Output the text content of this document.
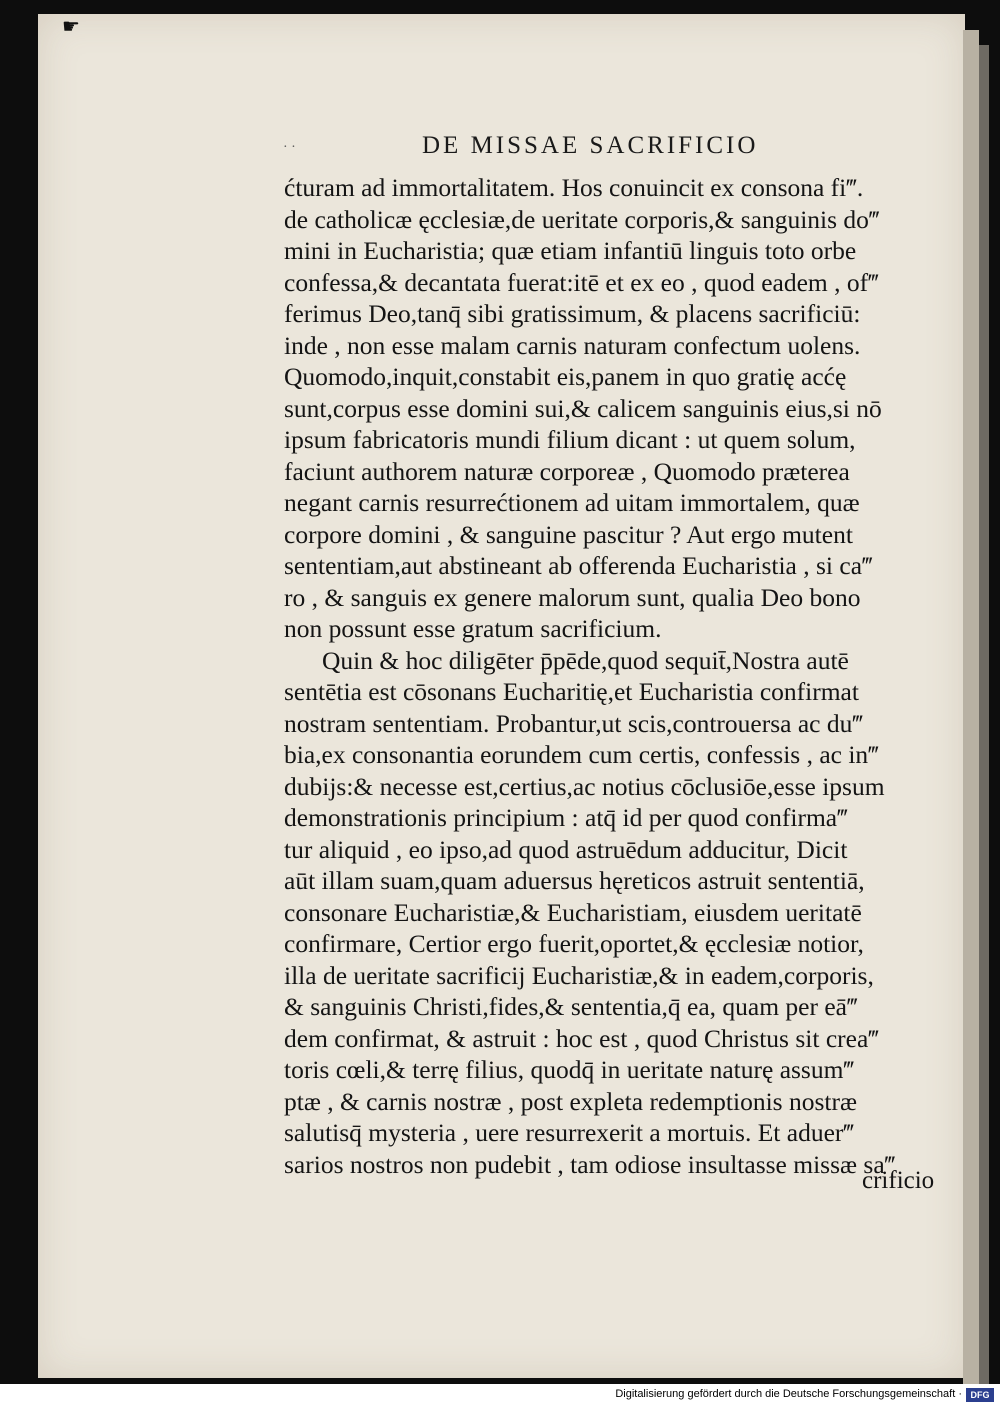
☛
· ·	DE MISSAE SACRIFICIO
ćturam ad immortalitatem. Hos conuincit ex consona fi‴.
de catholicæ ęcclesiæ,de ueritate corporis,& sanguinis do‴
mini in Eucharistia; quæ etiam infantiū linguis toto orbe
confessa,& decantata fuerat:itē et ex eo , quod eadem , of‴
ferimus Deo,tanq̄ sibi gratissimum, & placens sacrificiū:
inde , non esse malam carnis naturam confectum uolens.
Quomodo,inquit,constabit eis,panem in quo gratię acćę
sunt,corpus esse domini sui,& calicem sanguinis eius,si nō
ipsum fabricatoris mundi filium dicant : ut quem solum,
faciunt authorem naturæ corporeæ , Quomodo præterea
negant carnis resurrećtionem ad uitam immortalem, quæ
corpore domini , & sanguine pascitur ? Aut ergo mutent
sententiam,aut abstineant ab offerenda Eucharistia , si ca‴
ro , & sanguis ex genere malorum sunt, qualia Deo bono
non possunt esse gratum sacrificium.
Quin & hoc diligēter p̄pēde,quod sequit̄,Nostra autē
sentētia est cōsonans Eucharitię,et Eucharistia confirmat
nostram sententiam. Probantur,ut scis,controuersa ac du‴
bia,ex consonantia eorundem cum certis, confessis , ac in‴
dubijs:& necesse est,certius,ac notius cōclusiōe,esse ipsum
demonstrationis principium : atq̄ id per quod confirma‴
tur aliquid , eo ipso,ad quod astruēdum adducitur, Dicit
aūt illam suam,quam aduersus hęreticos astruit sententiā,
consonare Eucharistiæ,& Eucharistiam, eiusdem ueritatē
confirmare, Certior ergo fuerit,oportet,& ęcclesiæ notior,
illa de ueritate sacrificij Eucharistiæ,& in eadem,corporis,
& sanguinis Christi,fides,& sententia,q̄ ea, quam per eā‴
dem confirmat, & astruit : hoc est , quod Christus sit crea‴
toris cœli,& terrę filius, quodq̄ in ueritate naturę assum‴
ptæ , & carnis nostræ , post expleta redemptionis nostræ
salutisq̄ mysteria , uere resurrexerit a mortuis. Et aduer‴
sarios nostros non pudebit , tam odiose insultasse missæ sa‴
crificio
Digitalisierung gefördert durch die Deutsche Forschungsgemeinschaft · DFG
